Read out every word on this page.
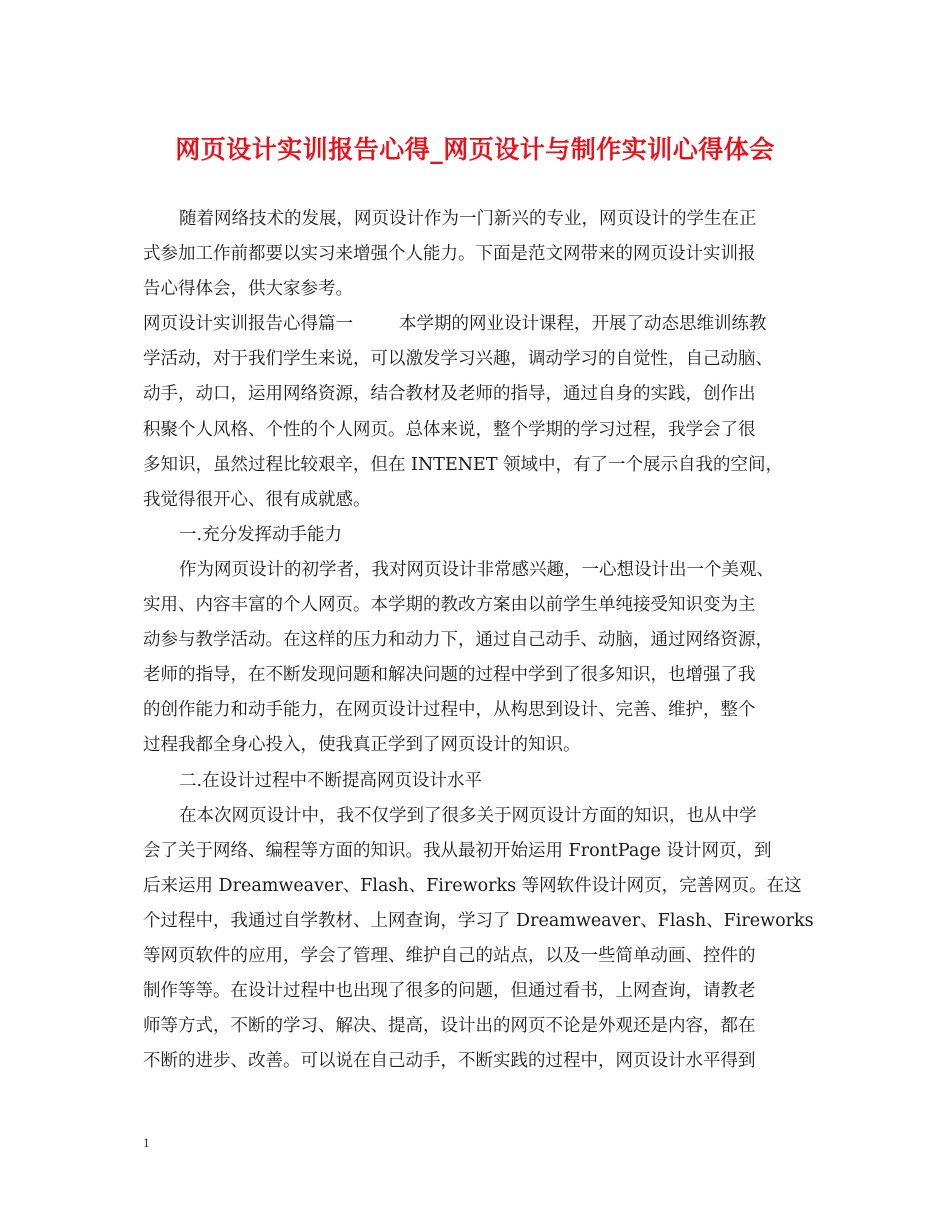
网页设计实训报告心得_网页设计与制作实训心得体会
随着网络技术的发展，网页设计作为一门新兴的专业，网页设计的学生在正
式参加工作前都要以实习来增强个人能力。下面是范文网带来的网页设计实训报
告心得体会，供大家参考。
网页设计实训报告心得篇一	本学期的网业设计课程，开展了动态思维训练教
学活动，对于我们学生来说，可以激发学习兴趣，调动学习的自觉性，自己动脑、
动手，动口，运用网络资源，结合教材及老师的指导，通过自身的实践，创作出
积聚个人风格、个性的个人网页。总体来说，整个学期的学习过程，我学会了很
多知识，虽然过程比较艰辛，但在 INTENET 领域中，有了一个展示自我的空间，
我觉得很开心、很有成就感。
一.充分发挥动手能力
作为网页设计的初学者，我对网页设计非常感兴趣，一心想设计出一个美观、
实用、内容丰富的个人网页。本学期的教改方案由以前学生单纯接受知识变为主
动参与教学活动。在这样的压力和动力下，通过自己动手、动脑，通过网络资源，
老师的指导，在不断发现问题和解决问题的过程中学到了很多知识，也增强了我
的创作能力和动手能力，在网页设计过程中，从构思到设计、完善、维护，整个
过程我都全身心投入，使我真正学到了网页设计的知识。
二.在设计过程中不断提高网页设计水平
在本次网页设计中，我不仅学到了很多关于网页设计方面的知识，也从中学
会了关于网络、编程等方面的知识。我从最初开始运用 FrontPage 设计网页，到
后来运用 Dreamweaver、Flash、Fireworks 等网软件设计网页，完善网页。在这
个过程中，我通过自学教材、上网查询，学习了 Dreamweaver、Flash、Fireworks
等网页软件的应用，学会了管理、维护自己的站点，以及一些简单动画、控件的
制作等等。在设计过程中也出现了很多的问题，但通过看书，上网查询，请教老
师等方式，不断的学习、解决、提高，设计出的网页不论是外观还是内容，都在
不断的进步、改善。可以说在自己动手，不断实践的过程中，网页设计水平得到
1
